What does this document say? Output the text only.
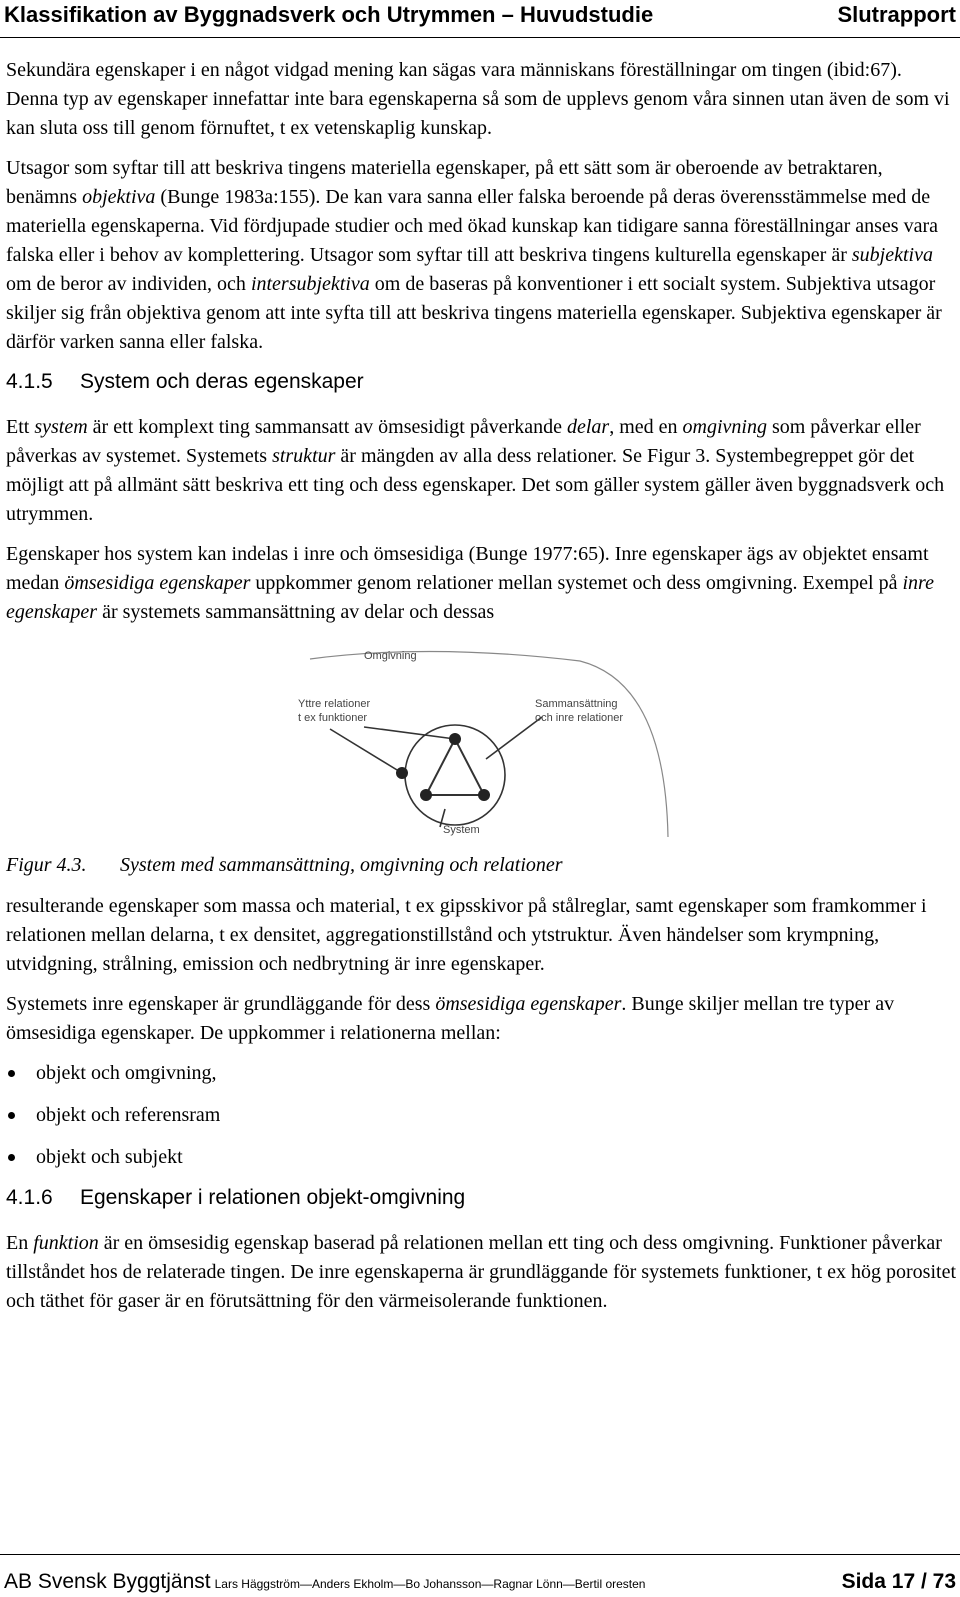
Klassifikation av Byggnadsverk och Utrymmen – Huvudstudie	Slutrapport

Sekundära egenskaper i en något vidgad mening kan sägas vara människans föreställningar om tingen (ibid:67). Denna typ av egenskaper innefattar inte bara egenskaperna så som de upplevs genom våra sinnen utan även de som vi kan sluta oss till genom förnuftet, t ex vetenskaplig kunskap.

Utsagor som syftar till att beskriva tingens materiella egenskaper, på ett sätt som är oberoende av betraktaren, benämns objektiva (Bunge 1983a:155). De kan vara sanna eller falska beroende på deras överensstämmelse med de materiella egenskaperna. Vid fördjupade studier och med ökad kunskap kan tidigare sanna föreställningar anses vara falska eller i behov av komplettering. Utsagor som syftar till att beskriva tingens kulturella egenskaper är subjektiva om de beror av individen, och intersubjektiva om de baseras på konventioner i ett socialt system. Subjektiva utsagor skiljer sig från objektiva genom att inte syfta till att beskriva tingens materiella egenskaper. Subjektiva egenskaper är därför varken sanna eller falska.

4.1.5 System och deras egenskaper

Ett system är ett komplext ting sammansatt av ömsesidigt påverkande delar, med en omgivning som påverkar eller påverkas av systemet. Systemets struktur är mängden av alla dess relationer. Se Figur 3. Systembegreppet gör det möjligt att på allmänt sätt beskriva ett ting och dess egenskaper. Det som gäller system gäller även byggnadsverk och utrymmen.

Egenskaper hos system kan indelas i inre och ömsesidiga (Bunge 1977:65). Inre egenskaper ägs av objektet ensamt medan ömsesidiga egenskaper uppkommer genom relationer mellan systemet och dess omgivning. Exempel på inre egenskaper är systemets sammansättning av delar och dessas

Omgivning
Yttre relationer
t ex funktioner
Sammansättning
och inre relationer
System

Figur 4.3. System med sammansättning, omgivning och relationer

resulterande egenskaper som massa och material, t ex gipsskivor på stålreglar, samt egenskaper som framkommer i relationen mellan delarna, t ex densitet, aggregationstillstånd och ytstruktur. Även händelser som krympning, utvidgning, strålning, emission och nedbrytning är inre egenskaper.

Systemets inre egenskaper är grundläggande för dess ömsesidiga egenskaper. Bunge skiljer mellan tre typer av ömsesidiga egenskaper. De uppkommer i relationerna mellan:

objekt och omgivning,
objekt och referensram
objekt och subjekt
4.1.6 Egenskaper i relationen objekt-omgivning

En funktion är en ömsesidig egenskap baserad på relationen mellan ett ting och dess omgivning. Funktioner påverkar tillståndet hos de relaterade tingen. De inre egenskaperna är grundläggande för systemets funktioner, t ex hög porositet och täthet för gaser är en förutsättning för den värmeisolerande funktionen.

AB Svensk Byggtjänst Lars Häggström—Anders Ekholm—Bo Johansson—Ragnar Lönn—Bertil oresten	Sida 17 / 73
